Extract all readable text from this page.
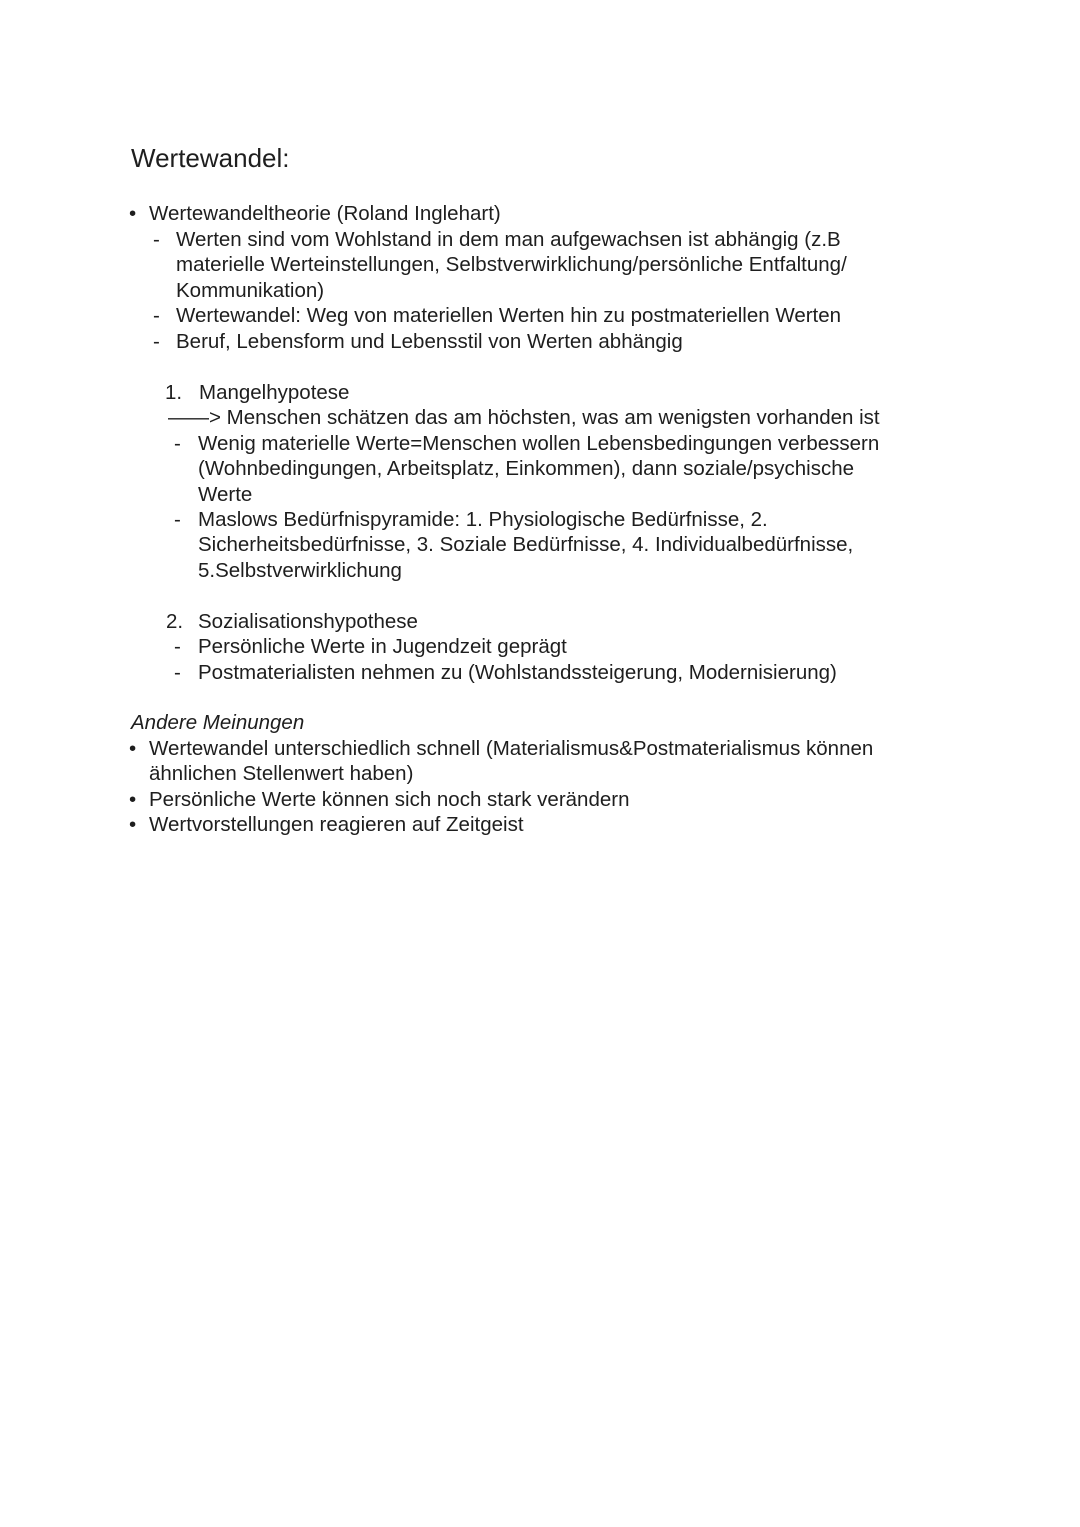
Wertewandel:
• Wertewandeltheorie (Roland Inglehart)
- Werten sind vom Wohlstand in dem man aufgewachsen ist abhängig (z.B
materielle Werteinstellungen, Selbstverwirklichung/persönliche Entfaltung/
Kommunikation)
- Wertewandel: Weg von materiellen Werten hin zu postmateriellen Werten
- Beruf, Lebensform und Lebensstil von Werten abhängig
1. Mangelhypotese
——> Menschen schätzen das am höchsten, was am wenigsten vorhanden ist
- Wenig materielle Werte=Menschen wollen Lebensbedingungen verbessern
(Wohnbedingungen, Arbeitsplatz, Einkommen), dann soziale/psychische
Werte
- Maslows Bedürfnispyramide: 1. Physiologische Bedürfnisse, 2.
Sicherheitsbedürfnisse, 3. Soziale Bedürfnisse, 4. Individualbedürfnisse,
5.Selbstverwirklichung
2. Sozialisationshypothese
- Persönliche Werte in Jugendzeit geprägt
- Postmaterialisten nehmen zu (Wohlstandssteigerung, Modernisierung)
Andere Meinungen
• Wertewandel unterschiedlich schnell (Materialismus&Postmaterialismus können
ähnlichen Stellenwert haben)
• Persönliche Werte können sich noch stark verändern
• Wertvorstellungen reagieren auf Zeitgeist
